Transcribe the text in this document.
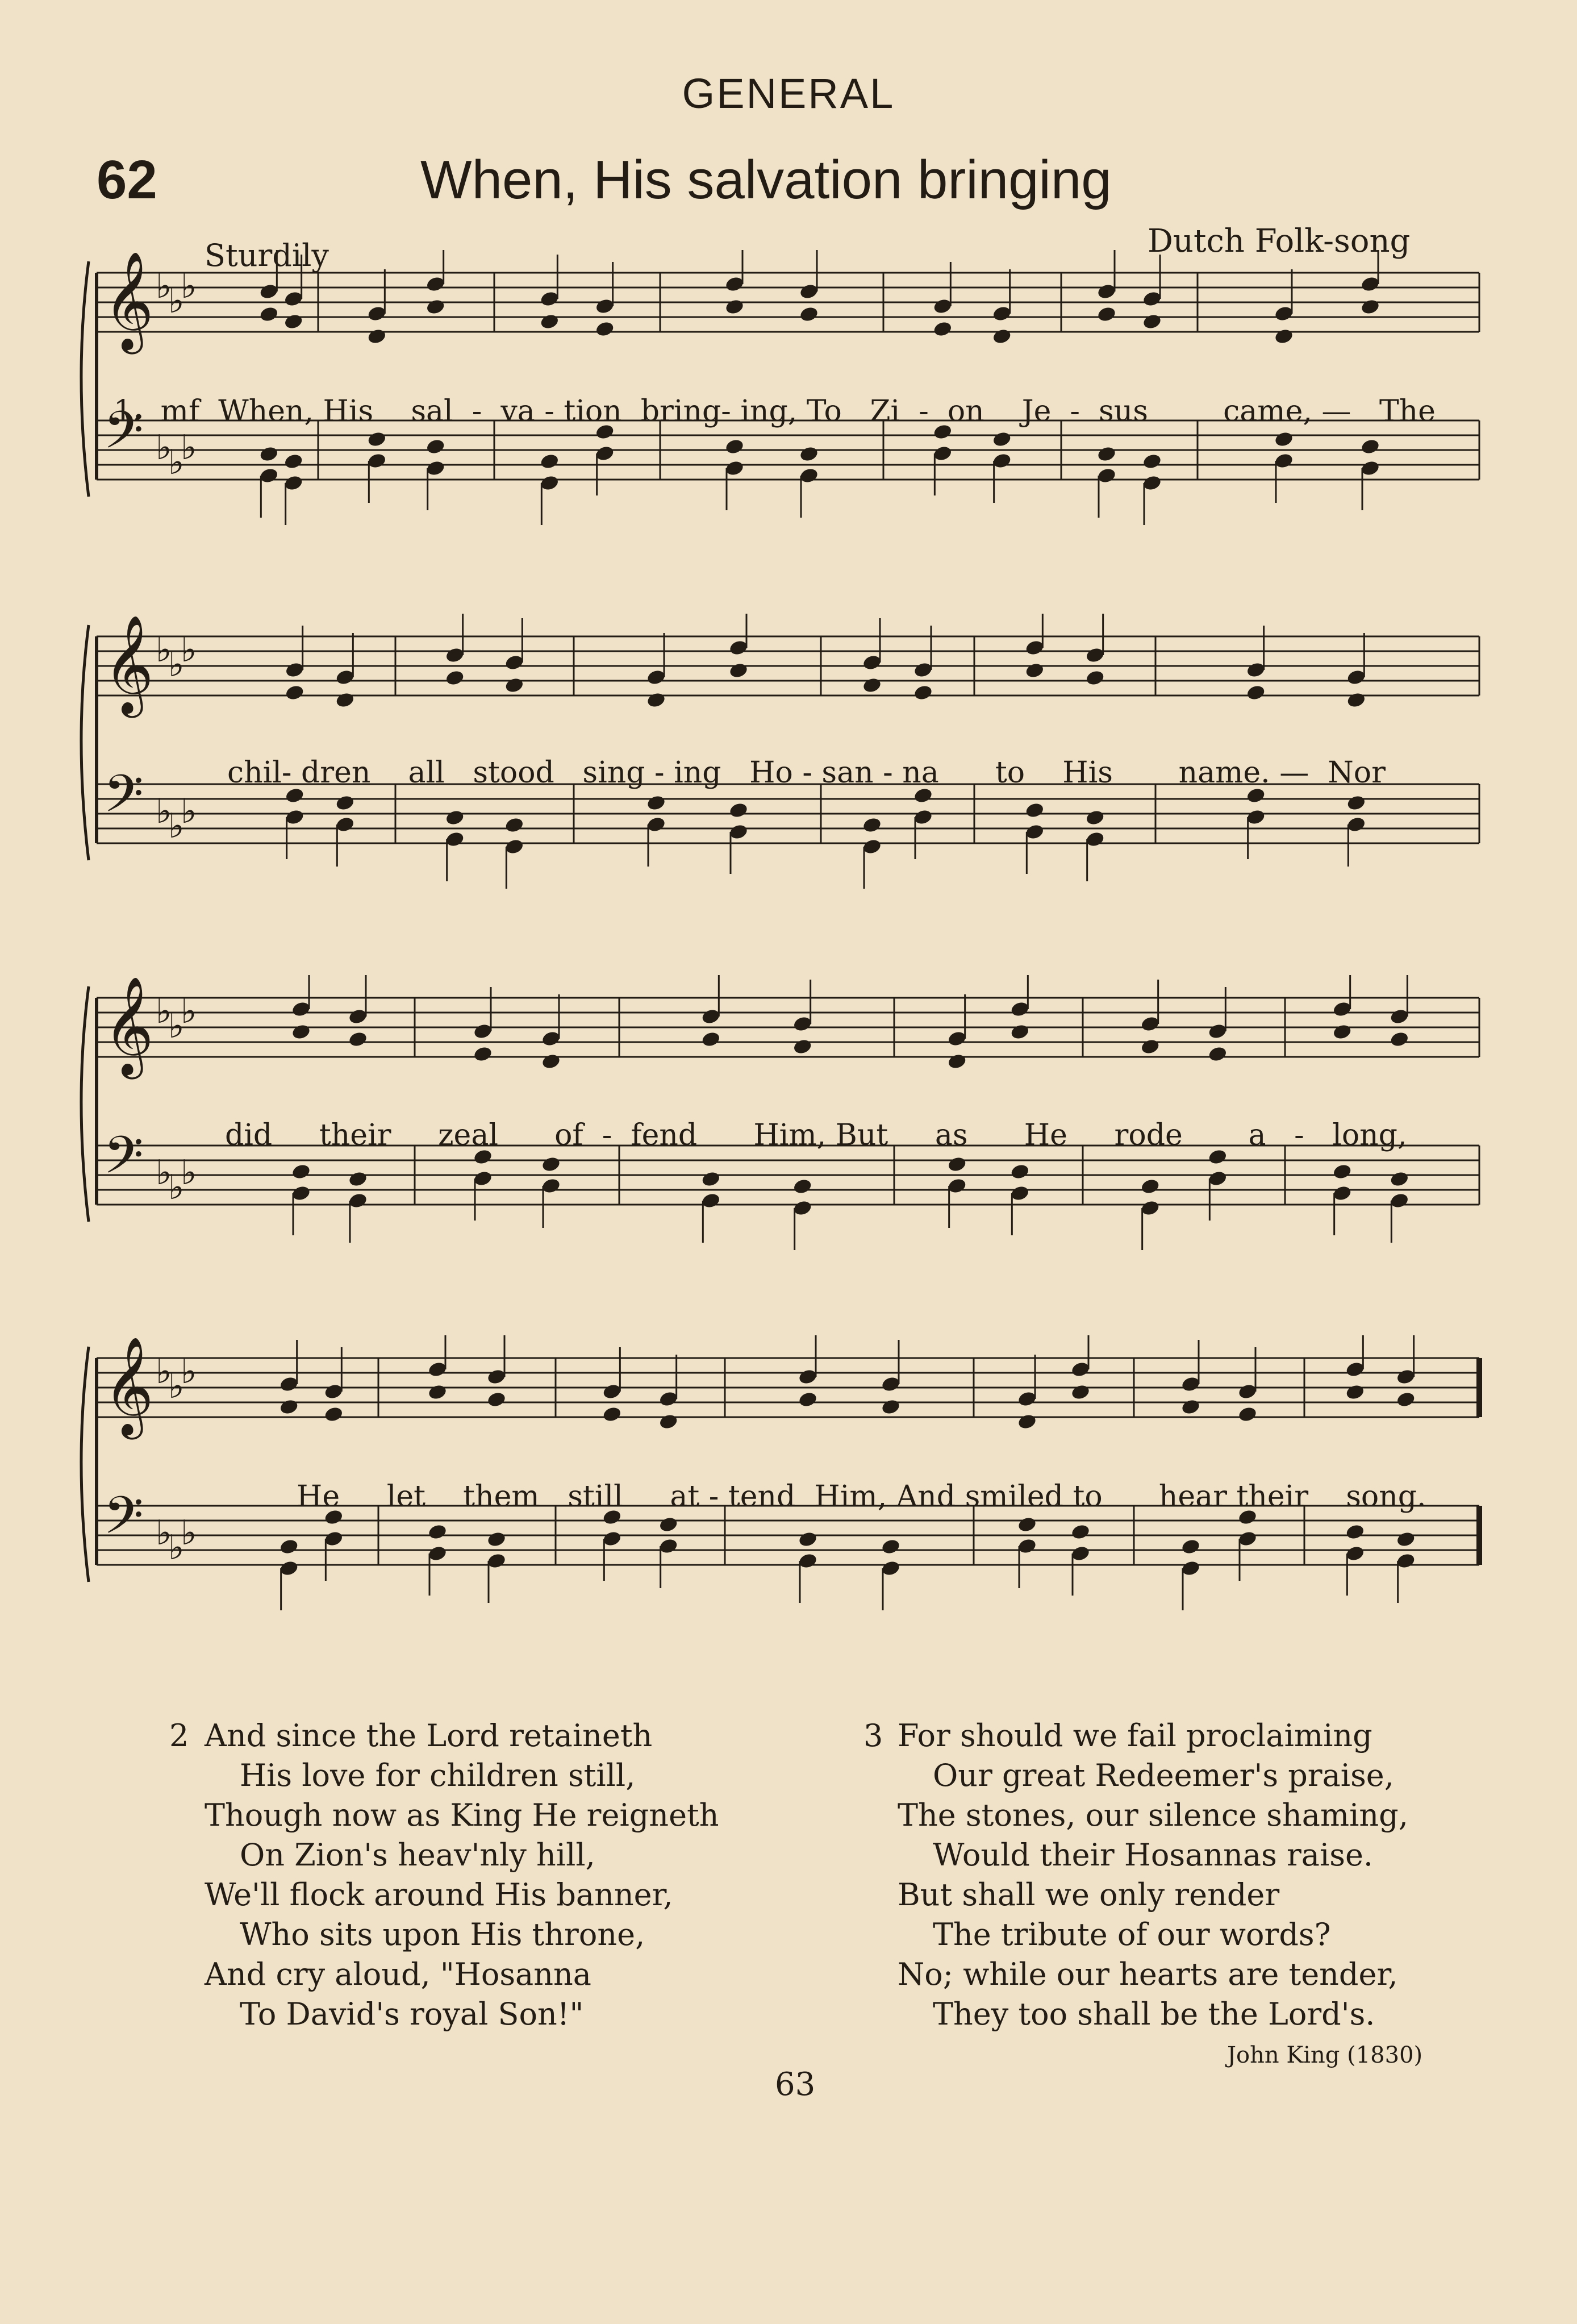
GENERAL
62	When, His salvation bringing
Sturdily	Dutch Folk-song
𝄞 ♭
♭
♭
𝄢 ♭
♭
♭
1.  mf  When, His    sal  -  va - tion  bring- ing, To   Zi  -  on    Je  -  sus        came, —   The
𝄞 ♭
♭
♭
𝄢 ♭
♭
♭
chil- dren    all   stood   sing - ing   Ho - san - na      to    His       name. —  Nor
𝄞 ♭
♭
♭
𝄢 ♭
♭
♭
did     their     zeal      of  -  fend      Him, But     as      He     rode       a   -   long,
𝄞 ♭
♭
♭
𝄢 ♭
♭
♭
He     let    them   still     at - tend  Him, And smiled to      hear their    song.
2 And since the Lord retaineth
His love for children still,
Though now as King He reigneth
On Zion's heav'nly hill,
We'll flock around His banner,
Who sits upon His throne,
And cry aloud, "Hosanna
To David's royal Son!"
3 For should we fail proclaiming
Our great Redeemer's praise,
The stones, our silence shaming,
Would their Hosannas raise.
But shall we only render
The tribute of our words?
No; while our hearts are tender,
They too shall be the Lord's.
John King (1830)
63
